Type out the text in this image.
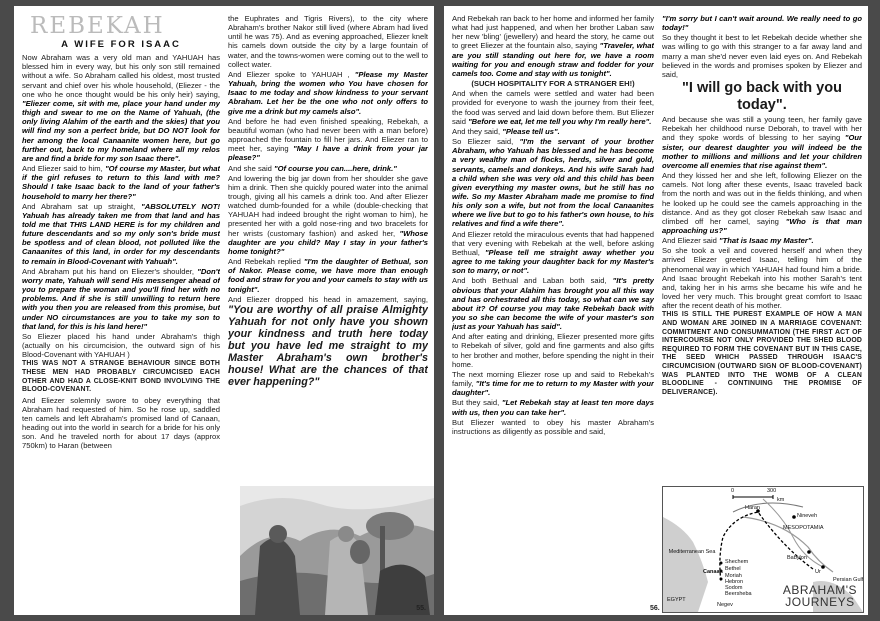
REBEKAH
A WIFE FOR ISAAC

Now Abraham was a very old man and YAHUAH has blessed him in every way, but his only son still remained without a wife. So Abraham called his oldest, most trusted servant and chief over his whole household, (Eliezer - the one who he once thought would be his only heir) saying, "Eliezer come, sit with me, place your hand under my thigh and swear to me on the Name of Yahuah, (the only living Alahim of the earth and the skies) that you will find my son a perfect bride, but DO NOT look for her among the local Canaanite women here, but go further out, back to my homeland where all my relos are and find a bride for my son Isaac there".

And Eliezer said to him, "Of course my Master, but what if the girl refuses to return to this land with me? Should I take Isaac back to the land of your father's household to marry her there?"

And Abraham sat up straight, "ABSOLUTELY NOT! Yahuah has already taken me from that land and has told me that THIS LAND HERE is for my children and future descendants and so my only son's bride must be spotless and of clean blood, not polluted like the Canaanites of this land, in order for my descendants to remain in Blood-Covenant with Yahuah".

And Abraham put his hand on Eliezer's shoulder, "Don't worry mate, Yahuah will send His messenger ahead of you to prepare the woman and you'll find her with no problems. And if she is still unwilling to return here with you then you are released from this promise, but under NO circumstances are you to take my son to that land, for this is his land here!"

So Eliezer placed his hand under Abraham's thigh (actually on his circumcision, the outward sign of his Blood-Covenant with YAHUAH )

THIS WAS NOT A STRANGE BEHAVIOUR SINCE BOTH THESE MEN HAD PROBABLY CIRCUMCISED EACH OTHER AND HAD A CLOSE-KNIT BOND INVOLVING THE BLOOD-COVENANT.

And Eliezer solemnly swore to obey everything that Abraham had requested of him. So he rose up, saddled ten camels and left Abraham's promised land of Canaan, heading out into the world in search for a bride for his only son. And he traveled north for about 17 days (approx 750km) to Haran (between

the Euphrates and Tigris Rivers), to the city where Abraham's brother Nakor still lived (where Abram had lived until he was 75). And as evening approached, Eliezer knelt his camels down outside the city by a large fountain of water, and the towns-women were coming out to the well to collect water.

And Eliezer spoke to YAHUAH , "Please my Master Yahuah, bring the women who You have chosen for Isaac to me today and show kindness to your servant Abraham. Let her be the one who not only offers to give me a drink but my camels also".

And before he had even finished speaking, Rebekah, a beautiful woman (who had never been with a man before) approached the fountain to fill her jars. And Eliezer ran to meet her, saying "May I have a drink from your jar please?"

And she said "Of course you can....here, drink."

And lowering the big jar down from her shoulder she gave him a drink. Then she quickly poured water into the animal trough, giving all his camels a drink too. And after Eliezer watched dumb-founded for a while (double-checking that YAHUAH had indeed brought the right woman to him), he presented her with a gold nose-ring and two bracelets for her wrists (customary fashion) and asked her, "Whose daughter are you child? May I stay in your father's home tonight?"

And Rebekah replied "I'm the daughter of Bethual, son of Nakor. Please come, we have more than enough food and straw for you and your camels to stay with us tonight".

And Eliezer dropped his head in amazement, saying, "You are worthy of all praise Almighty Yahuah for not only have you shown your kindness and truth here today but you have led me straight to my Master Abraham's own brother's house! What are the chances of that ever happening?"

55.

And Rebekah ran back to her home and informed her family what had just happened, and when her brother Laban saw her new 'bling' (jewellery) and heard the story, he came out to greet Eliezer at the fountain also, saying "Traveler, what are you still standing out here for, we have a room waiting for you and enough straw and fodder for your camels too. Come and stay with us tonight".

(SUCH HOSPITALITY FOR A STRANGER EH!)

And when the camels were settled and water had been provided for everyone to wash the journey from their feet, the food was served and laid down before them. But Eliezer said "Before we eat, let me tell you why I'm really here".

And they said, "Please tell us".

So Eliezer said, "I'm the servant of your brother Abraham, who Yahuah has blessed and he has become a very wealthy man of flocks, herds, silver and gold, servants, camels and donkeys. And his wife Sarah had a child when she was very old and this child has been given everything my master owns, but he still has no wife. So my Master Abraham made me promise to find his only son a wife, but not from the local Canaanites where we live but to go to his father's own house, to his relatives and find a wife there".

And Eliezer retold the miraculous events that had happened that very evening with Rebekah at the well, before asking Bethual, "Please tell me straight away whether you agree to me taking your daughter back for my Master's son to marry, or not".

And both Bethual and Laban both said, "It's pretty obvious that your Alahim has brought you all this way and has orchestrated all this today, so what can we say about it? Of course you may take Rebekah back with you so she can become the wife of your master's son just as your Yahuah has said".

And after eating and drinking, Eliezer presented more gifts to Rebekah of silver, gold and fine garments and also gifts to her brother and mother, before spending the night in their home.

The next morning Eliezer rose up and said to Rebekah's family, "It's time for me to return to my Master with your daughter".

But they said, "Let Rebekah stay at least ten more days with us, then you can take her".

But Eliezer wanted to obey his master Abraham's instructions as diligently as possible and said,

"I'm sorry but I can't wait around. We really need to go today!"

So they thought it best to let Rebekah decide whether she was willing to go with this stranger to a far away land and marry a man she'd never even laid eyes on. And Rebekah believed in the words and promises spoken by Eliezer and said,

"I will go back with you today".

And because she was still a young teen, her family gave Rebekah her childhood nurse Deborah, to travel with her and they spoke words of blessing to her saying "Our sister, our dearest daughter you will indeed be the mother to millions and millions and let your children overcome all enemies that rise against them".

And they kissed her and she left, following Eliezer on the camels. Not long after these events, Isaac traveled back from the north and was out in the fields thinking, and when he looked up he could see the camels approaching in the distance. And as they got closer Rebekah saw Isaac and climbed off her camel, saying "Who is that man approaching us?"

And Eliezer said "That is Isaac my Master".

So she took a veil and covered herself and when they arrived Eliezer greeted Isaac, telling him of the phenomenal way in which YAHUAH had found him a bride. And Isaac brought Rebekah into his mother Sarah's tent and, taking her in his arms she became his wife and he loved her very much. This brought great comfort to Isaac after the recent death of his mother.

THIS IS STILL THE PUREST EXAMPLE OF HOW A MAN AND WOMAN ARE JOINED IN A MARRIAGE COVENANT: COMMITMENT AND CONSUMMATION (THE FIRST ACT OF INTERCOURSE NOT ONLY PROVIDED THE SHED BLOOD REQUIRED TO FORM THE COVENANT BUT IN THIS CASE, THE SEED WHICH PASSED THROUGH ISAAC'S CIRCUMCISION (OUTWARD SIGN OF BLOOD-COVENANT) WAS PLANTED INTO THE WOMB OF A CLEAN BLOODLINE - CONTINUING THE PROMISE OF DELIVERANCE).

0	300
km
Haran
Nineveh
MESOPOTAMIA
Mediterranean Sea
Babylon
Ur
Persian Gulf
Shechem
Bethel
Moriah
Hebron
Sodom
Beersheba
Canaan
EGYPT
Negev
ABRAHAM'S
JOURNEYS
56.
